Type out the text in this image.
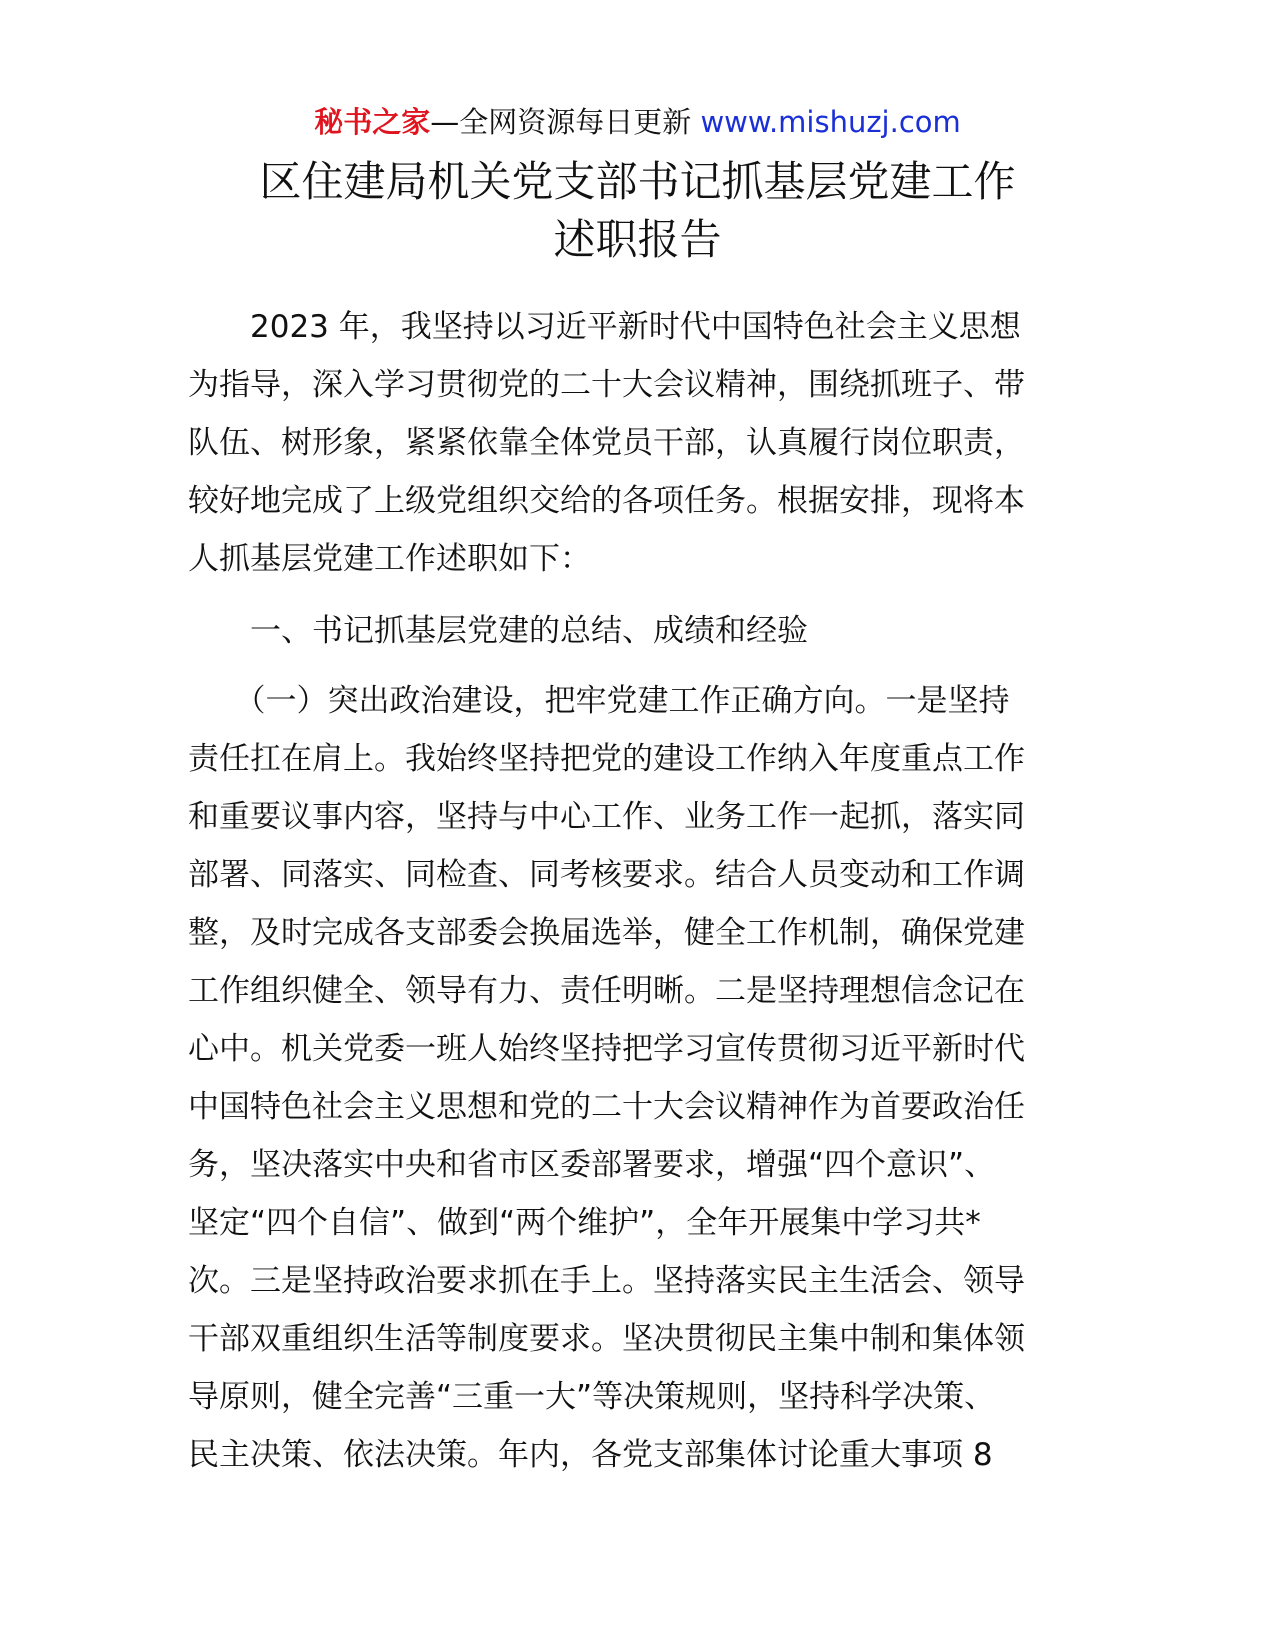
秘书之家—全网资源每日更新 www.mishuzj.com
区住建局机关党支部书记抓基层党建工作
述职报告
　　2023 年，我坚持以习近平新时代中国特色社会主义思想
为指导，深入学习贯彻党的二十大会议精神，围绕抓班子、带
队伍、树形象，紧紧依靠全体党员干部，认真履行岗位职责，
较好地完成了上级党组织交给的各项任务。根据安排，现将本
人抓基层党建工作述职如下：
　　一、书记抓基层党建的总结、成绩和经验
　　（一）突出政治建设，把牢党建工作正确方向。一是坚持
责任扛在肩上。我始终坚持把党的建设工作纳入年度重点工作
和重要议事内容，坚持与中心工作、业务工作一起抓，落实同
部署、同落实、同检查、同考核要求。结合人员变动和工作调
整，及时完成各支部委会换届选举，健全工作机制，确保党建
工作组织健全、领导有力、责任明晰。二是坚持理想信念记在
心中。机关党委一班人始终坚持把学习宣传贯彻习近平新时代
中国特色社会主义思想和党的二十大会议精神作为首要政治任
务，坚决落实中央和省市区委部署要求，增强“四个意识”、
坚定“四个自信”、做到“两个维护”，全年开展集中学习共*
次。三是坚持政治要求抓在手上。坚持落实民主生活会、领导
干部双重组织生活等制度要求。坚决贯彻民主集中制和集体领
导原则，健全完善“三重一大”等决策规则，坚持科学决策、
民主决策、依法决策。年内，各党支部集体讨论重大事项 8
